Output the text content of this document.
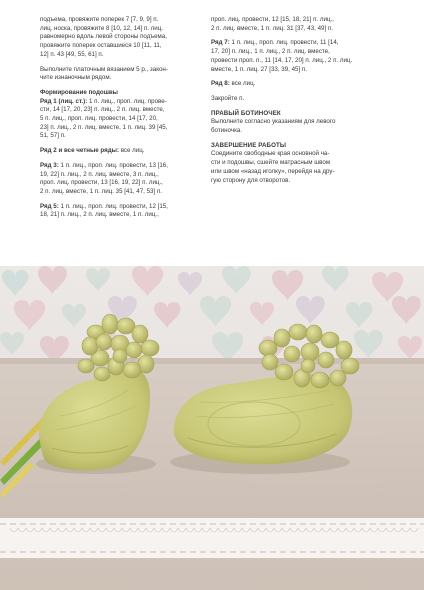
подъема, провяжите поперек 7 [7, 9, 9] п.
лиц. носка, провяжите 8 [10, 12, 14] п. лиц.
равномерно вдоль левой стороны подъема,
провяжите поперек оставшиеся 10 [11, 11,
12] п. 43 [49, 55, 61] п.
Выполните платочным вязанием 5 р., закон-
чите изнаночным рядом.
Формирование подошвы
Ряд 1 (лиц. ст.): 1 п. лиц., проп. лиц. прове-
сти, 14 [17, 20, 23] п. лиц., 2 п. лиц. вместе,
5 п. лиц., проп. лиц. провести, 14 [17, 20,
23] п. лиц., 2 п. лиц. вместе, 1 п. лиц. 39 [45,
51, 57] п.
Ряд 2 и все четные ряды: все лиц.
Ряд 3: 1 п. лиц., проп. лиц. провести, 13 [16,
19, 22] п. лиц., 2 п. лиц. вместе, 3 п. лиц.,
проп. лиц. провести, 13 [16, 19, 22] п. лиц.,
2 п. лиц. вместе, 1 п. лиц. 35 [41, 47, 53] п.
Ряд 5: 1 п. лиц., проп. лиц. провести, 12 [15,
18, 21] п. лиц., 2 п. лиц. вместе, 1 п. лиц.,
проп. лиц. провести, 12 [15, 18, 21] п. лиц.,
2 п. лиц. вместе, 1 п. лиц. 31 [37, 43, 49] п.
Ряд 7: 1 п. лиц., проп. лиц. провести, 11 [14,
17, 20] п. лиц., 1 п. лиц., 2 п. лиц. вместе,
провести проп. п., 11 [14, 17, 20] п. лиц., 2 п. лиц.
вместе, 1 п. лиц. 27 [33, 39, 45] п.
Ряд 8: все лиц.
Закройте п.
ПРАВЫЙ БОТИНОЧЕК
Выполните согласно указаниям для левого
ботиночка.
ЗАВЕРШЕНИЕ РАБОТЫ
Соедините свободные края основной ча-
сти и подошвы, сшейте матрасным швом
или швом «назад иголку», перейдя на дру-
гую сторону для отворотов.
